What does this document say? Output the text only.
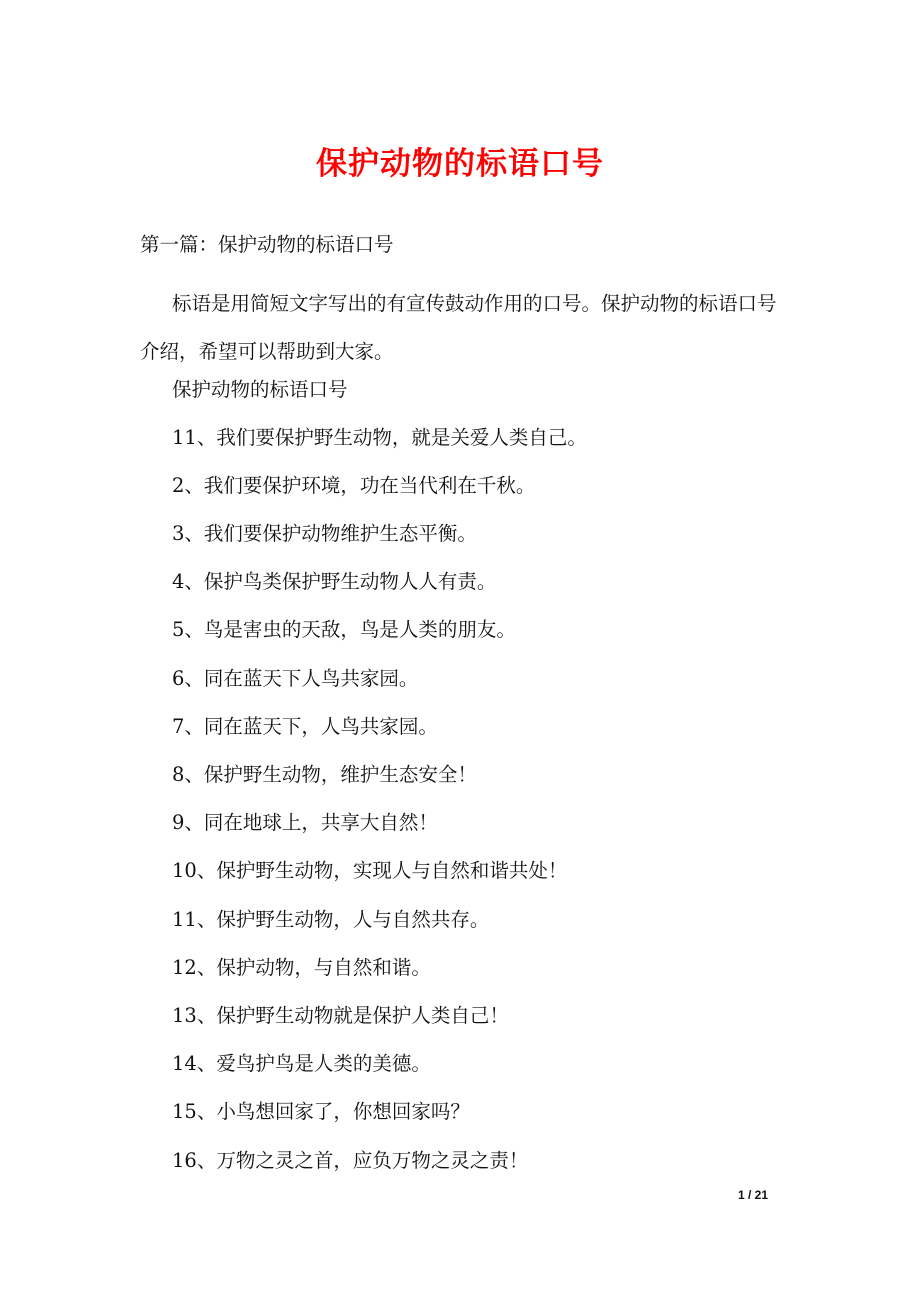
保护动物的标语口号
第一篇：保护动物的标语口号
标语是用简短文字写出的有宣传鼓动作用的口号。保护动物的标语口号介绍，希望可以帮助到大家。
保护动物的标语口号
11、我们要保护野生动物，就是关爱人类自己。
2、我们要保护环境，功在当代利在千秋。
3、我们要保护动物维护生态平衡。
4、保护鸟类保护野生动物人人有责。
5、鸟是害虫的天敌，鸟是人类的朋友。
6、同在蓝天下人鸟共家园。
7、同在蓝天下，人鸟共家园。
8、保护野生动物，维护生态安全！
9、同在地球上，共享大自然！
10、保护野生动物，实现人与自然和谐共处！
11、保护野生动物，人与自然共存。
12、保护动物，与自然和谐。
13、保护野生动物就是保护人类自己！
14、爱鸟护鸟是人类的美德。
15、小鸟想回家了，你想回家吗？
16、万物之灵之首，应负万物之灵之责！
1 / 21
